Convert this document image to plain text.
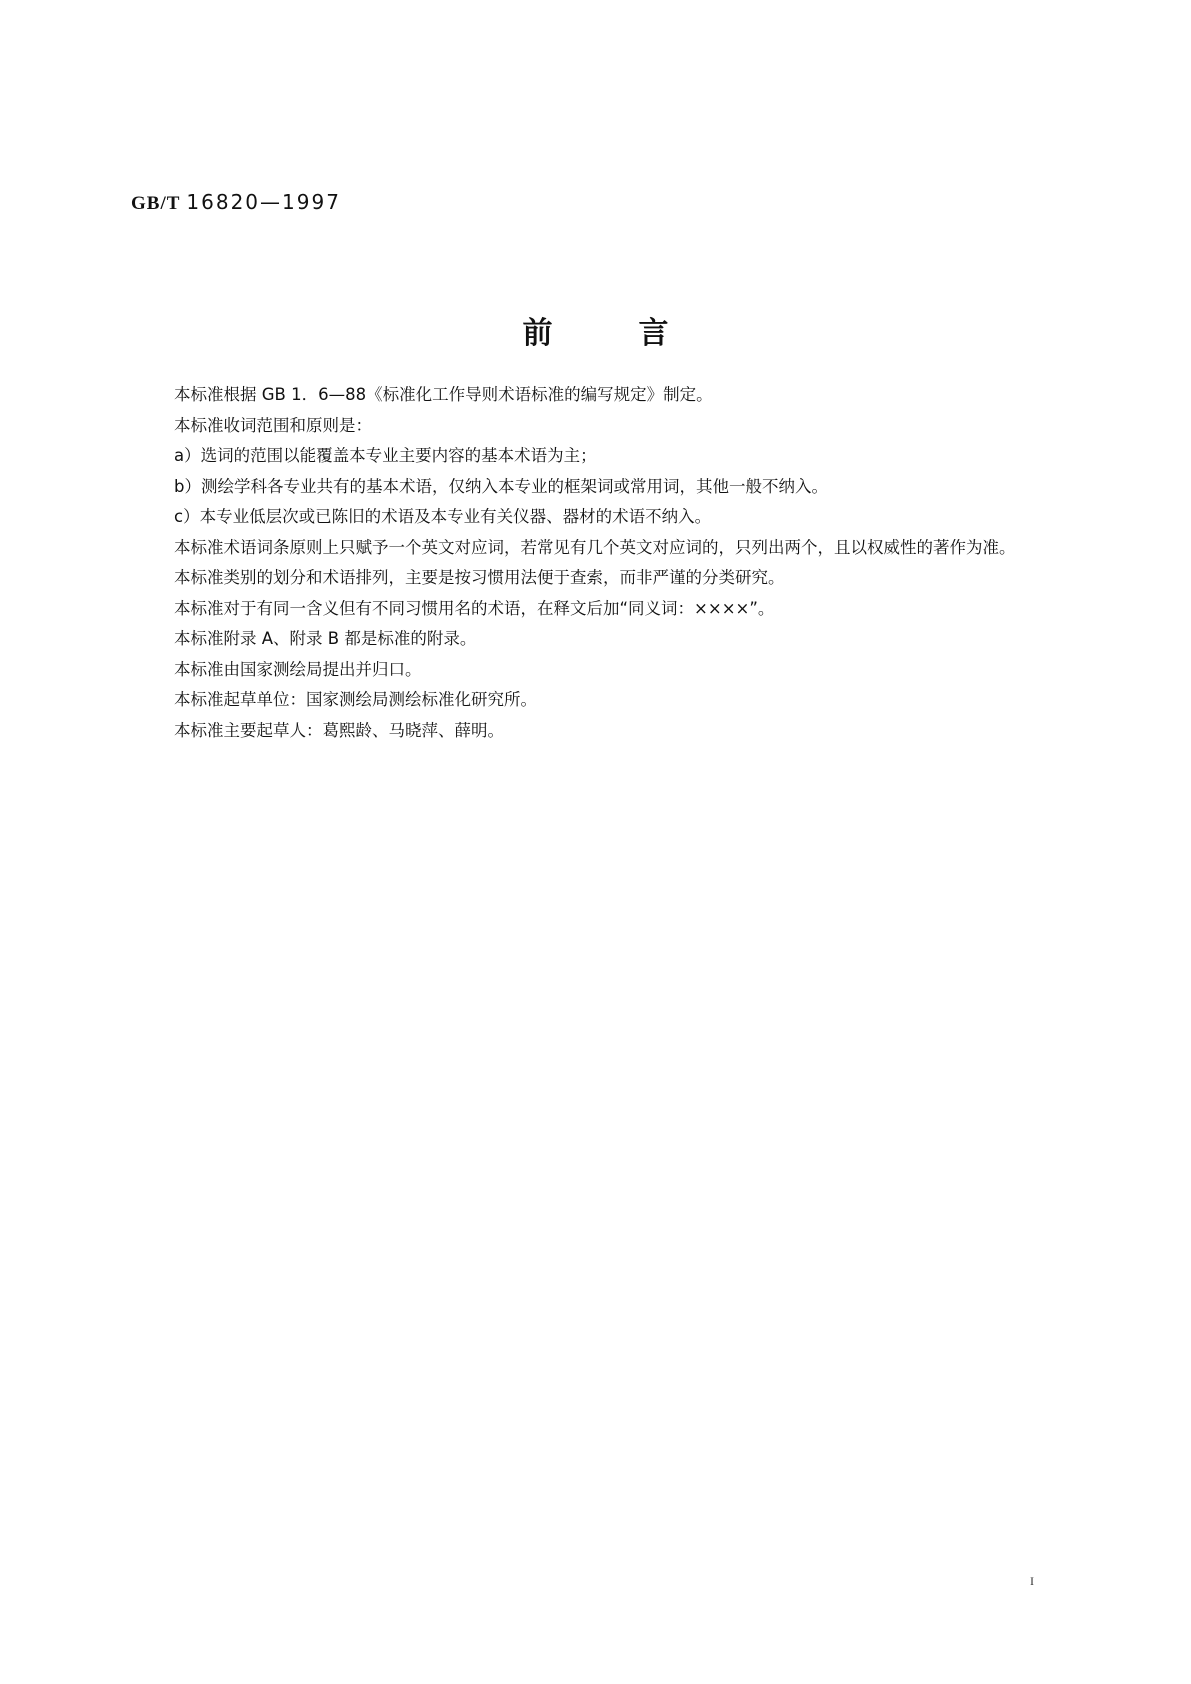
GB/T 16820—1997
前言

本标准根据 GB 1．6—88《标准化工作导则术语标准的编写规定》制定。

本标准收词范围和原则是：

a）选词的范围以能覆盖本专业主要内容的基本术语为主；

b）测绘学科各专业共有的基本术语，仅纳入本专业的框架词或常用词，其他一般不纳入。

c）本专业低层次或已陈旧的术语及本专业有关仪器、器材的术语不纳入。

本标准术语词条原则上只赋予一个英文对应词，若常见有几个英文对应词的，只列出两个，且以权威性的著作为准。

本标准类别的划分和术语排列，主要是按习惯用法便于查索，而非严谨的分类研究。

本标准对于有同一含义但有不同习惯用名的术语，在释文后加“同义词：××××”。

本标准附录 A、附录 B 都是标准的附录。

本标准由国家测绘局提出并归口。

本标准起草单位：国家测绘局测绘标准化研究所。

本标准主要起草人：葛熙龄、马晓萍、薛明。

I
